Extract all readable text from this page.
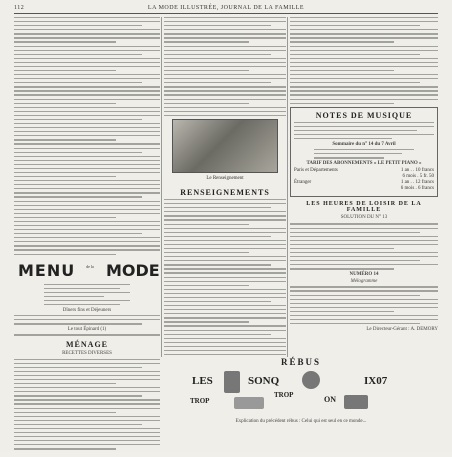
112	LA MODE ILLUSTRÉE, JOURNAL DE LA FAMILLE
MENU	de la MODE
Dîners fins et Déjeuners
Le tout Épinard (1)
MÉNAGE
RECETTES DIVERSES
Le Renseignement
RENSEIGNEMENTS
NOTES DE MUSIQUE
Sommaire du n° 14 du 7 Avril
TARIF DES ABONNEMENTS « LE PETIT PIANO »
Paris et Départements	1 an . . 10 francs
6 mois . 5 fr. 50
Étranger	1 an . . 12 francs
6 mois . 6 francs
LES HEURES DE LOISIR DE LA FAMILLE
SOLUTION DU N° 13
NUMÉRO 14
Mélogramme
Le Directeur-Gérant : A. DEMORY
RÉBUS
LES	SONQ	IX07
TROP
TROP	ON
Explication du précédent rébus : Celui qui est seul en ce monde...
